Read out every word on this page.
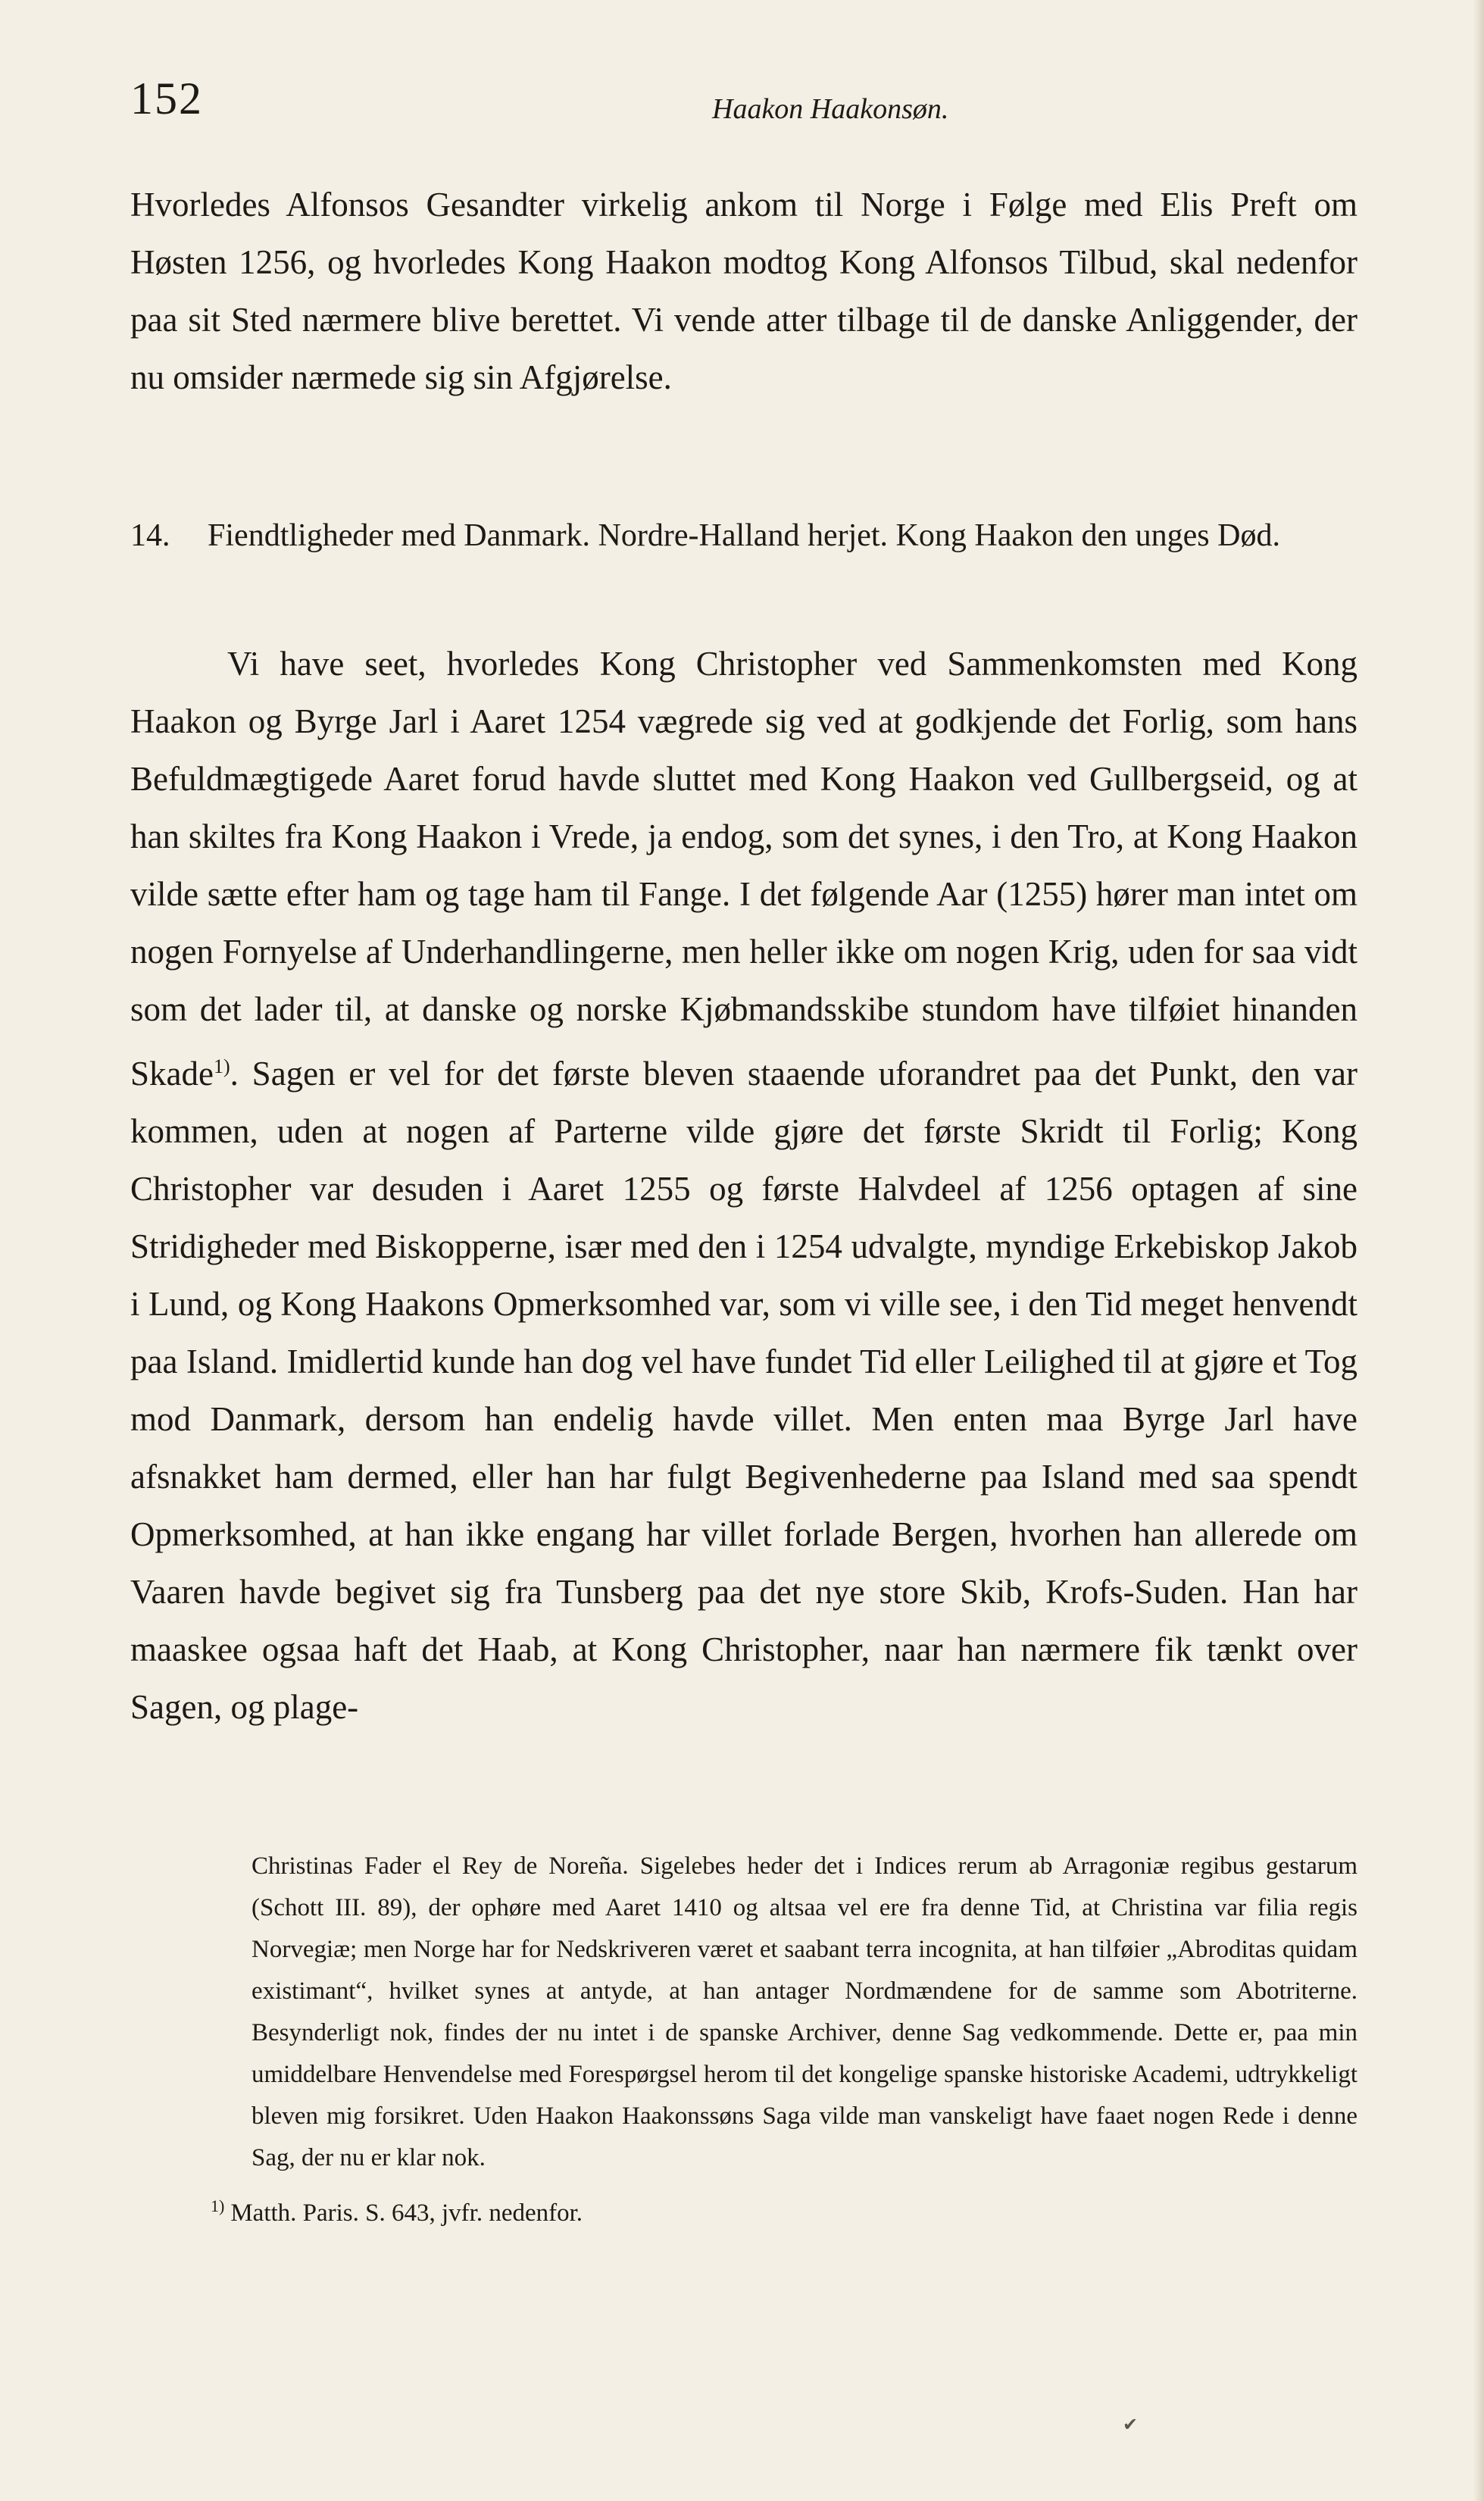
152	Haakon Haakonsøn.

Hvorledes Alfonsos Gesandter virkelig ankom til Norge i Følge med Elis Preft om Høsten 1256, og hvorledes Kong Haakon modtog Kong Alfonsos Tilbud, skal nedenfor paa sit Sted nærmere blive berettet. Vi vende atter tilbage til de danske Anliggender, der nu omsider nærmede sig sin Afgjørelse.

14. Fiendtligheder med Danmark. Nordre-Halland herjet. Kong Haakon den unges Død.

Vi have seet, hvorledes Kong Christopher ved Sammenkomsten med Kong Haakon og Byrge Jarl i Aaret 1254 vægrede sig ved at godkjende det Forlig, som hans Befuldmægtigede Aaret forud havde sluttet med Kong Haakon ved Gullbergseid, og at han skiltes fra Kong Haakon i Vrede, ja endog, som det synes, i den Tro, at Kong Haakon vilde sætte efter ham og tage ham til Fange. I det følgende Aar (1255) hører man intet om nogen Fornyelse af Underhandlingerne, men heller ikke om nogen Krig, uden for saa vidt som det lader til, at danske og norske Kjøbmandsskibe stundom have tilføiet hinanden Skade$^{1)}$. Sagen er vel for det første bleven staaende uforandret paa det Punkt, den var kommen, uden at nogen af Parterne vilde gjøre det første Skridt til Forlig; Kong Christopher var desuden i Aaret 1255 og første Halvdeel af 1256 optagen af sine Stridigheder med Biskopperne, især med den i 1254 udvalgte, myndige Erkebiskop Jakob i Lund, og Kong Haakons Opmerksomhed var, som vi ville see, i den Tid meget henvendt paa Island. Imidlertid kunde han dog vel have fundet Tid eller Leilighed til at gjøre et Tog mod Danmark, dersom han endelig havde villet. Men enten maa Byrge Jarl have afsnakket ham dermed, eller han har fulgt Begivenhederne paa Island med saa spendt Opmerksomhed, at han ikke engang har villet forlade Bergen, hvorhen han allerede om Vaaren havde begivet sig fra Tunsberg paa det nye store Skib, Krofs-Suden. Han har maaskee ogsaa haft det Haab, at Kong Christopher, naar han nærmere fik tænkt over Sagen, og plage-

Christinas Fader el Rey de Noreña. Sigelebes heder det i Indices rerum ab Arragoniæ regibus gestarum (Schott III. 89), der ophøre med Aaret 1410 og altsaa vel ere fra denne Tid, at Christina var filia regis Norvegiæ; men Norge har for Nedskriveren været et saabant terra incognita, at han tilføier „Abroditas quidam existimant“, hvilket synes at antyde, at han antager Nordmændene for de samme som Abotriterne. Besynderligt nok, findes der nu intet i de spanske Archiver, denne Sag vedkommende. Dette er, paa min umiddelbare Henvendelse med Forespørgsel herom til det kongelige spanske historiske Academi, udtrykkeligt bleven mig forsikret. Uden Haakon Haakonssøns Saga vilde man vanskeligt have faaet nogen Rede i denne Sag, der nu er klar nok.

$^{1)}$ Matth. Paris. S. 643, jvfr. nedenfor.

✔
